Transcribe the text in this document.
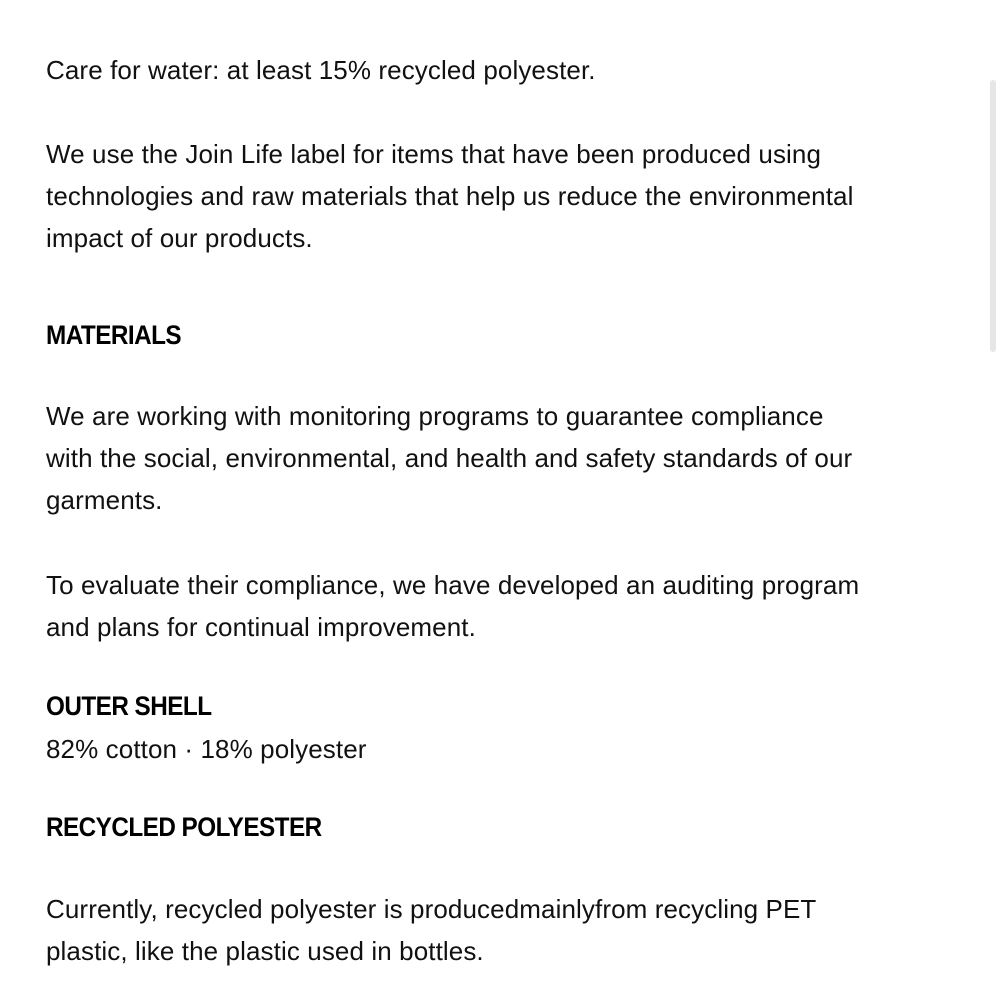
Care for water: at least 15% recycled polyester.

We use the Join Life label for items that have been produced using
technologies and raw materials that help us reduce the environmental
impact of our products.

MATERIALS

We are working with monitoring programs to guarantee compliance
with the social, environmental, and health and safety standards of our
garments.

To evaluate their compliance, we have developed an auditing program
and plans for continual improvement.

OUTER SHELL

82% cotton · 18% polyester

RECYCLED POLYESTER

Currently, recycled polyester is producedmainlyfrom recycling PET
plastic, like the plastic used in bottles.
